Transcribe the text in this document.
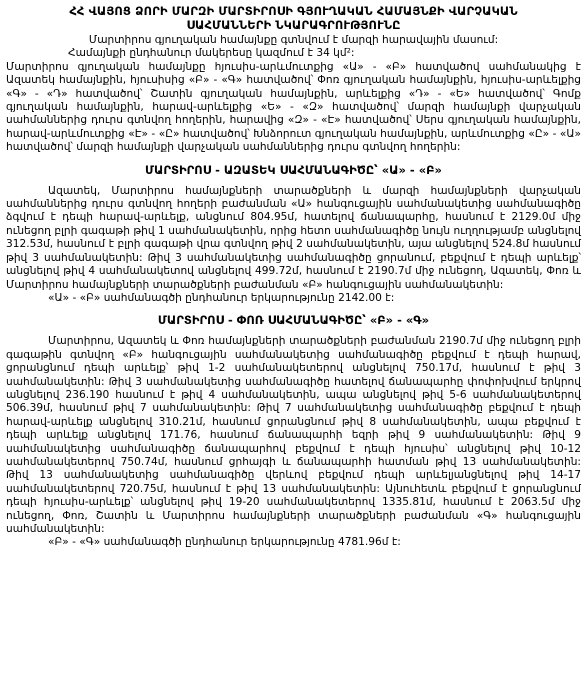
ՀՀ ՎԱՅՈՑ ՁՈՐԻ ՄԱՐԶԻ ՄԱՐՏԻՐՈՍԻ ԳՅՈՒՂԱԿԱՆ ՀԱՄԱՅՆՔԻ ՎԱՐՉԱԿԱՆ
ՍԱՀՄԱՆՆԵՐԻ ՆԿԱՐԱԳՐՈՒԹՅՈՒՆԸ

Մարտիրոս գյուղական համայնքը գտնվում է մարզի հարավային մասում:

Համայնքի ընդհանուր մակերեսը կազմում է 34 կմ²:

Մարտիրոս գյուղական համայնքը հյուսիս-արևմուտքից «Ա» - «Բ» հատվածով սահմանակից է Ազատեկ համայնքին, հյուսիսից «Բ» - «Գ» հատվածով՝ Փոռ գյուղական համայնքին, հյուսիս-արևելքից «Գ» - «Դ» հատվածով՝ Շատին գյուղական համայնքին, արևելքից «Դ» - «Ե» հատվածով՝ Գոմք գյուղական համայնքին, հարավ-արևելքից «Ե» - «Զ» հատվածով՝ մարզի համայնքի վարչական սահմաններից դուրս գտնվող հողերին, հարավից «Զ» - «Է» հատվածով՝ Սերս գյուղական համայնքին, հարավ-արևմուտքից «Է» - «Ը» հատվածով՝ Խնձորուտ գյուղական համայնքին, արևմուտքից «Ը» - «Ա» հատվածով՝ մարզի համայնքի վարչական սահմաններից դուրս գտնվող հողերին:

ՄԱՐՏԻՐՈՍ - ԱԶԱՏԵԿ ՍԱՀՄԱՆԱԳԻԾԸ՝ «Ա» - «Բ»

Ազատեկ, Մարտիրոս համայնքների տարածքների և մարզի համայնքների վարչական սահմաններից դուրս գտնվող հողերի բաժանման «Ա» հանգուցային սահմանակետից սահմանագիծը ձգվում է դեպի հարավ-արևելք, անցնում 804.95մ, հատելով ճանապարհը, հասնում է 2129.0մ միջ ունեցող բլրի գագաթի թիվ 1 սահմանակետին, որից հետո սահմանագիծը նույն ուղղությամբ անցնելով 312.53մ, հասնում է բլրի գագաթի վրա գտնվող թիվ 2 սահմանակետին, այա անցնելով 524.8մ հասնում թիվ 3 սահմանակետին: Թիվ 3 սահմանակետից սահմանագիծը ցորանում, բեքվում է դեպի արևելք՝ անցնելով թիվ 4 սահմանակետով անցնելով 499.72մ, հասնում է 2190.7մ միջ ունեցող, Ազատեկ, Փոռ և Մարտիրոս համայնքների տարածքների բաժանման «Բ» հանգուցային սահմանակետին:

«Ա» - «Բ» սահմանագծի ընդհանուր երկարությունը 2142.00 է:

ՄԱՐՏԻՐՈՍ - ՓՈՌ ՍԱՀՄԱՆԱԳԻԾԸ՝ «Բ» - «Գ»

Մարտիրոս, Ազատեկ և Փոռ համայնքների տարածքների բաժանման 2190.7մ միջ ունեցող բլրի գագաթին գտնվող «Բ» հանգուցային սահմանակետից սահմանագիծը բեքվում է դեպի հարավ, ցորանցնում դեպի արևելք՝ թիվ 1-2 սահմանակետերով անցնելով 750.17մ, հասնում է թիվ 3 սահմանակետին: Թիվ 3 սահմանակետից սահմանագիծը հատելով ճանապարհը փոփոխվում երկրով անցնելով 236.190 հասնում է թիվ 4 սահմանակետին, ապա անցնելով թիվ 5-6 սահմանակետերով 506.39մ, հասնում թիվ 7 սահմանակետին: Թիվ 7 սահմանակետից սահմանագիծը բեքվում է դեպի հարավ-արևելք անցնելով 310.21մ, հասնում ցորանցնում թիվ 8 սահմանակետին, ապա բեքվում է դեպի արևելք անցնելով 171.76, հասնում ճանապարհի եզրի թիվ 9 սահմանակետին: Թիվ 9 սահմանակետից սահմանագիծը ճանապարհով բեքվում է դեպի հյուսիս՝ անցնելով թիվ 10-12 սահմանակետերով 750.74մ, հասնում ցրհայգի և ճանապարհի հատման թիվ 13 սահմանակետին: Թիվ 13 սահմանակետից սահմանագիծը վերևով բեքվում դեպի արևելյանցնելով թիվ 14-17 սահմանակետերով 720.75մ, հասնում է թիվ 13 սահմանակետին: Այնուհետև բեքվում է ցորանցնում դեպի հյուսիս-արևելք՝ անցնելով թիվ 19-20 սահմանակետերով 1335.81մ, հասնում է 2063.5մ միջ ունեցող, Փոռ, Շատին և Մարտիրոս համայնքների տարածքների բաժանման «Գ» հանգուցային սահմանակետին:

«Բ» - «Գ» սահմանագծի ընդհանուր երկարությունը 4781.96մ է:
